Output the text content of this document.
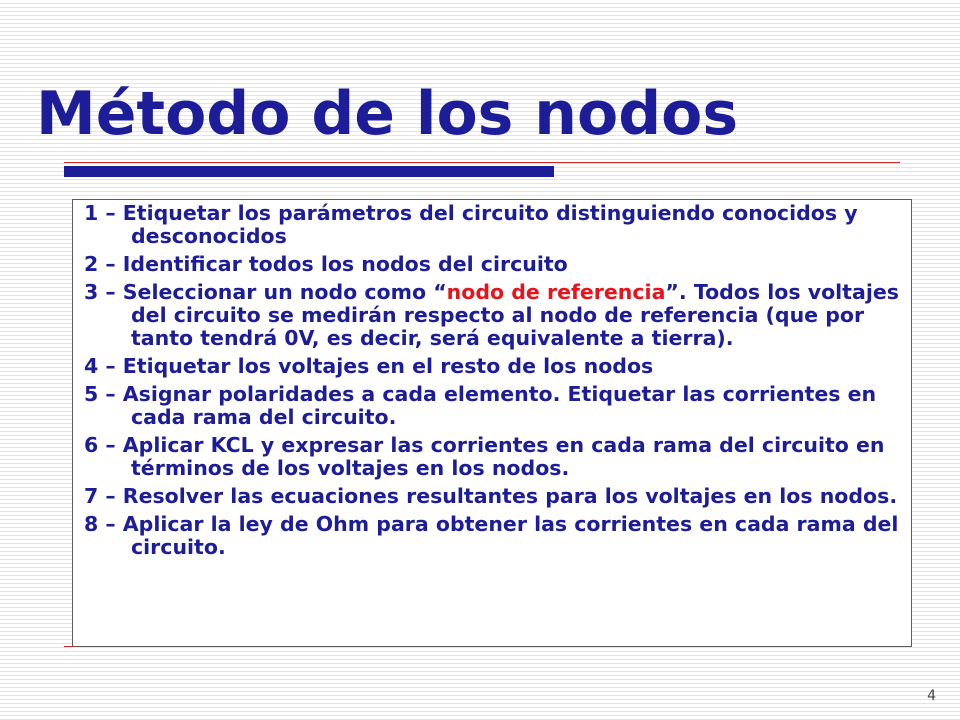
Método de los nodos
1 – Etiquetar los parámetros del circuito distinguiendo conocidos y desconocidos
2 – Identificar todos los nodos del circuito
3 – Seleccionar un nodo como “nodo de referencia”. Todos los voltajes del circuito se medirán respecto al nodo de referencia (que por tanto tendrá 0V, es decir, será equivalente a tierra).
4 – Etiquetar los voltajes en el resto de los nodos
5 – Asignar polaridades a cada elemento. Etiquetar las corrientes en cada rama del circuito.
6 – Aplicar KCL y expresar las corrientes en cada rama del circuito en términos de los voltajes en los nodos.
7 – Resolver las ecuaciones resultantes para los voltajes en los nodos.
8 – Aplicar la ley de Ohm para obtener las corrientes en cada rama del circuito.
4
